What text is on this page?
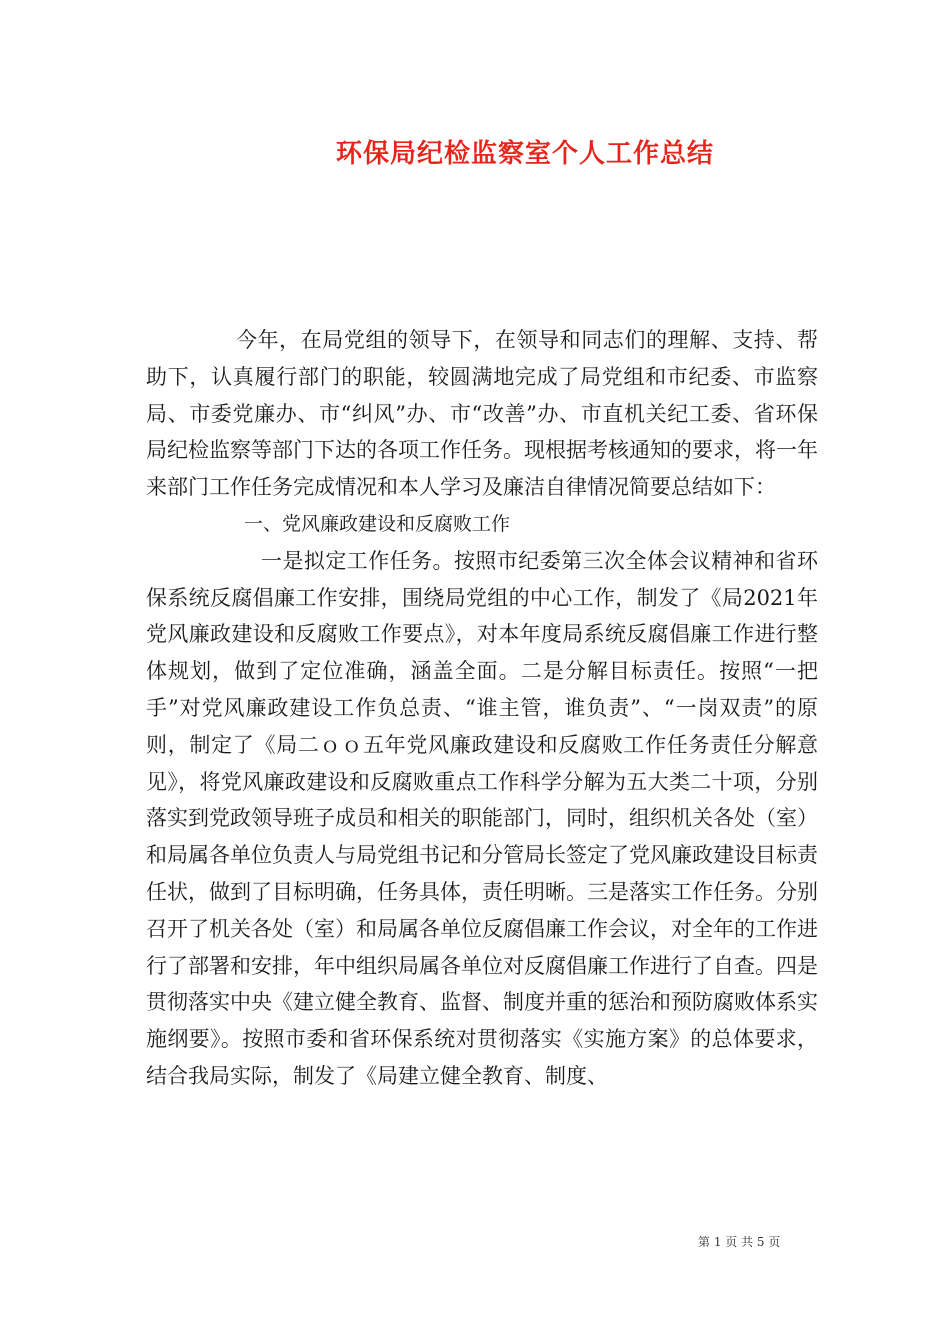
环保局纪检监察室个人工作总结

今年，在局党组的领导下，在领导和同志们的理解、支持、帮助下，认真履行部门的职能，较圆满地完成了局党组和市纪委、市监察局、市委党廉办、市“纠风”办、市“改善”办、市直机关纪工委、省环保局纪检监察等部门下达的各项工作任务。现根据考核通知的要求，将一年来部门工作任务完成情况和本人学习及廉洁自律情况简要总结如下：

一、党风廉政建设和反腐败工作

一是拟定工作任务。按照市纪委第三次全体会议精神和省环保系统反腐倡廉工作安排，围绕局党组的中心工作，制发了《局2021年党风廉政建设和反腐败工作要点》，对本年度局系统反腐倡廉工作进行整体规划，做到了定位准确，涵盖全面。二是分解目标责任。按照“一把手”对党风廉政建设工作负总责、“谁主管，谁负责”、“一岗双责”的原则，制定了《局二ｏｏ五年党风廉政建设和反腐败工作任务责任分解意见》，将党风廉政建设和反腐败重点工作科学分解为五大类二十项，分别落实到党政领导班子成员和相关的职能部门，同时，组织机关各处（室）和局属各单位负责人与局党组书记和分管局长签定了党风廉政建设目标责任状，做到了目标明确，任务具体，责任明晰。三是落实工作任务。分别召开了机关各处（室）和局属各单位反腐倡廉工作会议，对全年的工作进行了部署和安排，年中组织局属各单位对反腐倡廉工作进行了自查。四是贯彻落实中央《建立健全教育、监督、制度并重的惩治和预防腐败体系实施纲要》。按照市委和省环保系统对贯彻落实《实施方案》的总体要求，结合我局实际，制发了《局建立健全教育、制度、

第 1 页 共 5 页
